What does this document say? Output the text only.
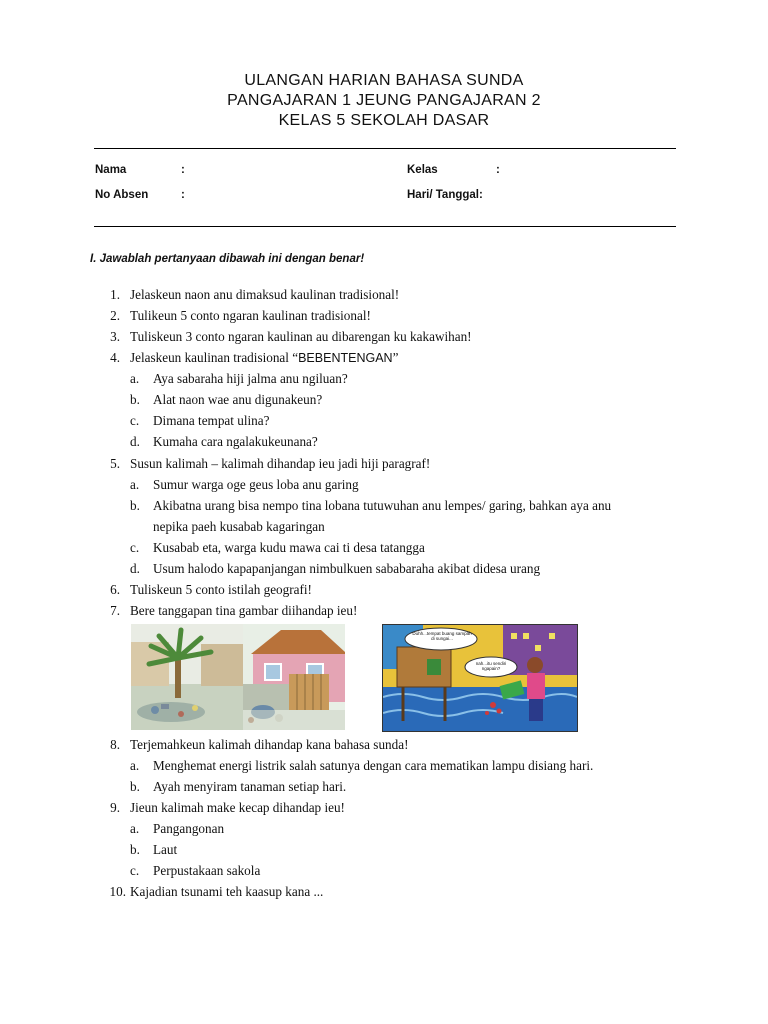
ULANGAN HARIAN BAHASA SUNDA
PANGAJARAN 1 JEUNG PANGAJARAN 2
KELAS 5 SEKOLAH DASAR
Nama	:	Kelas	:
No Absen	:	Hari/ Tanggal:
I. Jawablah pertanyaan dibawah ini dengan benar!
1. Jelaskeun naon anu dimaksud kaulinan tradisional!
2. Tulikeun 5 conto ngaran kaulinan tradisional!
3. Tuliskeun 3 conto ngaran kaulinan au dibarengan ku kakawihan!
4. Jelaskeun kaulinan tradisional “BEBENTENGAN”
a. Aya sabaraha hiji jalma anu ngiluan?
b. Alat naon wae anu digunakeun?
c. Dimana tempat ulina?
d. Kumaha cara ngalakukeunana?
5. Susun kalimah – kalimah dihandap ieu jadi hiji paragraf!
a. Sumur warga oge geus loba anu garing
b. Akibatna urang bisa nempo tina lobana tutuwuhan anu lempes/ garing, bahkan aya anu
nepika paeh kusabab kagaringan
c. Kusabab eta, warga kudu mawa cai ti desa tatangga
d. Usum halodo kapapanjangan nimbulkuen sababaraha akibat didesa urang
6. Tuliskeun 5 conto istilah geografi!
7. Bere tanggapan tina gambar diihandap ieu!
Duhh...tempat buang sampah di sungai...
nah...itu sendiri ngapain?
8. Terjemahkeun kalimah dihandap kana bahasa sunda!
a. Menghemat energi listrik salah satunya dengan cara mematikan lampu disiang hari.
b. Ayah menyiram tanaman setiap hari.
9. Jieun kalimah make kecap dihandap ieu!
a. Pangangonan
b. Laut
c. Perpustakaan sakola
10. Kajadian tsunami teh kaasup kana ...
